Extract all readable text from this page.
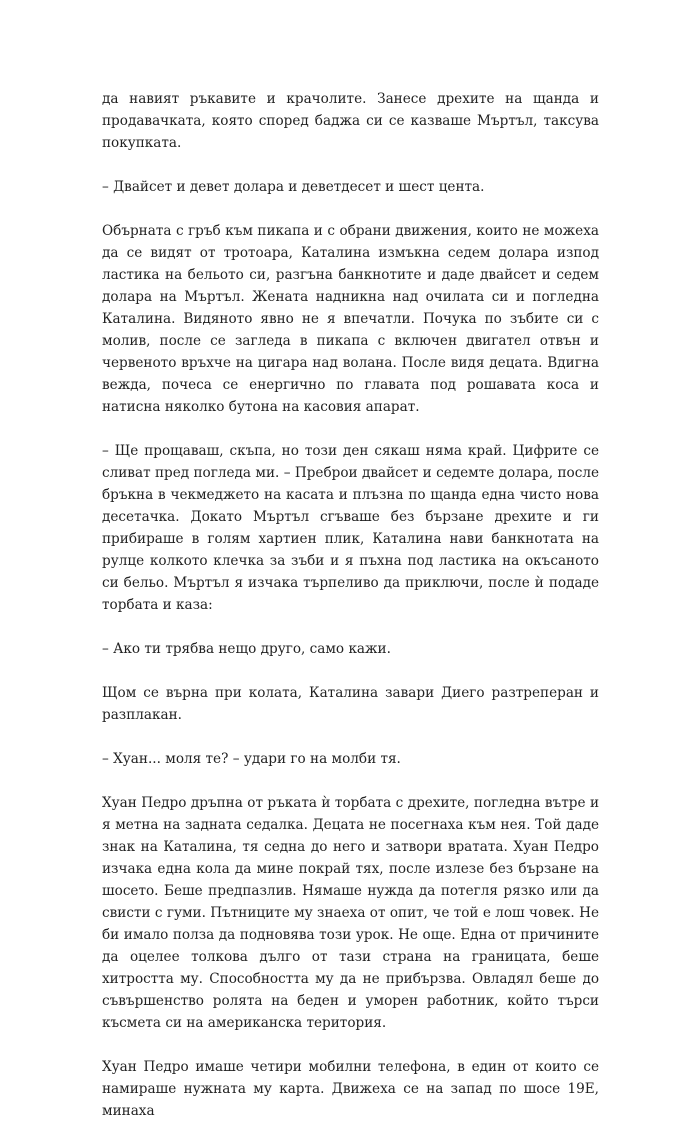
да навият ръкавите и крачолите. Занесе дрехите на щанда и продавачката, която според баджа си се казваше Мъртъл, таксува покупката.

– Двайсет и девет долара и деветдесет и шест цента.

Обърната с гръб към пикапа и с обрани движения, които не можеха да се видят от тротоара, Каталина измъкна седем долара изпод ластика на бельото си, разгъна банкнотите и даде двайсет и седем долара на Мъртъл. Жената надникна над очилата си и погледна Каталина. Видяното явно не я впечатли. Почука по зъбите си с молив, после се загледа в пикапа с включен двигател отвън и червеното връхче на цигара над волана. После видя децата. Вдигна вежда, почеса се енергично по главата под рошавата коса и натисна няколко бутона на касовия апарат.

– Ще прощаваш, скъпа, но този ден сякаш няма край. Цифрите се сливат пред погледа ми. – Преброи двайсет и седемте долара, после бръкна в чекмеджето на касата и плъзна по щанда една чисто нова десетачка. Докато Мъртъл сгъваше без бързане дрехите и ги прибираше в голям хартиен плик, Каталина нави банкнотата на рулце колкото клечка за зъби и я пъхна под ластика на окъсаното си бельо. Мъртъл я изчака търпеливо да приключи, после ѝ подаде торбата и каза:

– Ако ти трябва нещо друго, само кажи.

Щом се върна при колата, Каталина завари Диего разтреперан и разплакан.

– Хуан... моля те? – удари го на молби тя.

Хуан Педро дръпна от ръката ѝ торбата с дрехите, погледна вътре и я метна на задната седалка. Децата не посегнаха към нея. Той даде знак на Каталина, тя седна до него и затвори вратата. Хуан Педро изчака една кола да мине покрай тях, после излезе без бързане на шосето. Беше предпазлив. Нямаше нужда да потегля рязко или да свисти с гуми. Пътниците му знаеха от опит, че той е лош човек. Не би имало полза да подновява този урок. Не още. Една от причините да оцелее толкова дълго от тази страна на границата, беше хитростта му. Способността му да не прибързва. Овладял беше до съвършенство ролята на беден и уморен работник, който търси късмета си на американска територия.

Хуан Педро имаше четири мобилни телефона, в един от които се намираше нужната му карта. Движеха се на запад по шосе 19Е, минаха
